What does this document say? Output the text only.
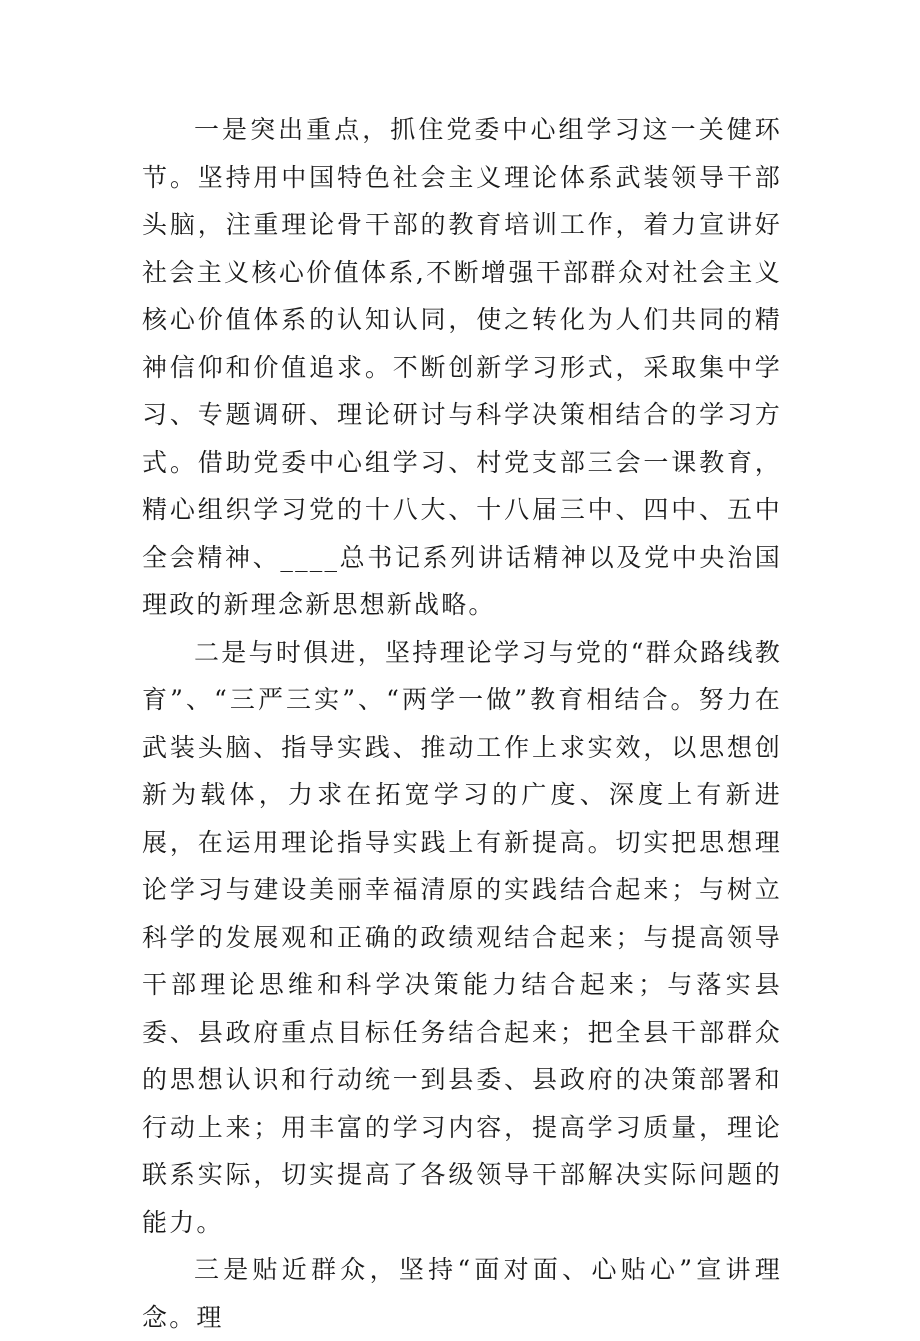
一是突出重点，抓住党委中心组学习这一关健环节。坚持用中国特色社会主义理论体系武装领导干部头脑，注重理论骨干部的教育培训工作，着力宣讲好社会主义核心价值体系,不断增强干部群众对社会主义核心价值体系的认知认同，使之转化为人们共同的精神信仰和价值追求。不断创新学习形式，采取集中学习、专题调研、理论研讨与科学决策相结合的学习方式。借助党委中心组学习、村党支部三会一课教育，精心组织学习党的十八大、十八届三中、四中、五中全会精神、____总书记系列讲话精神以及党中央治国理政的新理念新思想新战略。

二是与时俱进，坚持理论学习与党的“群众路线教育”、“三严三实”、“两学一做”教育相结合。努力在武装头脑、指导实践、推动工作上求实效，以思想创新为载体，力求在拓宽学习的广度、深度上有新进展，在运用理论指导实践上有新提高。切实把思想理论学习与建设美丽幸福清原的实践结合起来；与树立科学的发展观和正确的政绩观结合起来；与提高领导干部理论思维和科学决策能力结合起来；与落实县委、县政府重点目标任务结合起来；把全县干部群众的思想认识和行动统一到县委、县政府的决策部署和行动上来；用丰富的学习内容，提高学习质量，理论联系实际，切实提高了各级领导干部解决实际问题的能力。

三是贴近群众，坚持“面对面、心贴心”宣讲理念。理
